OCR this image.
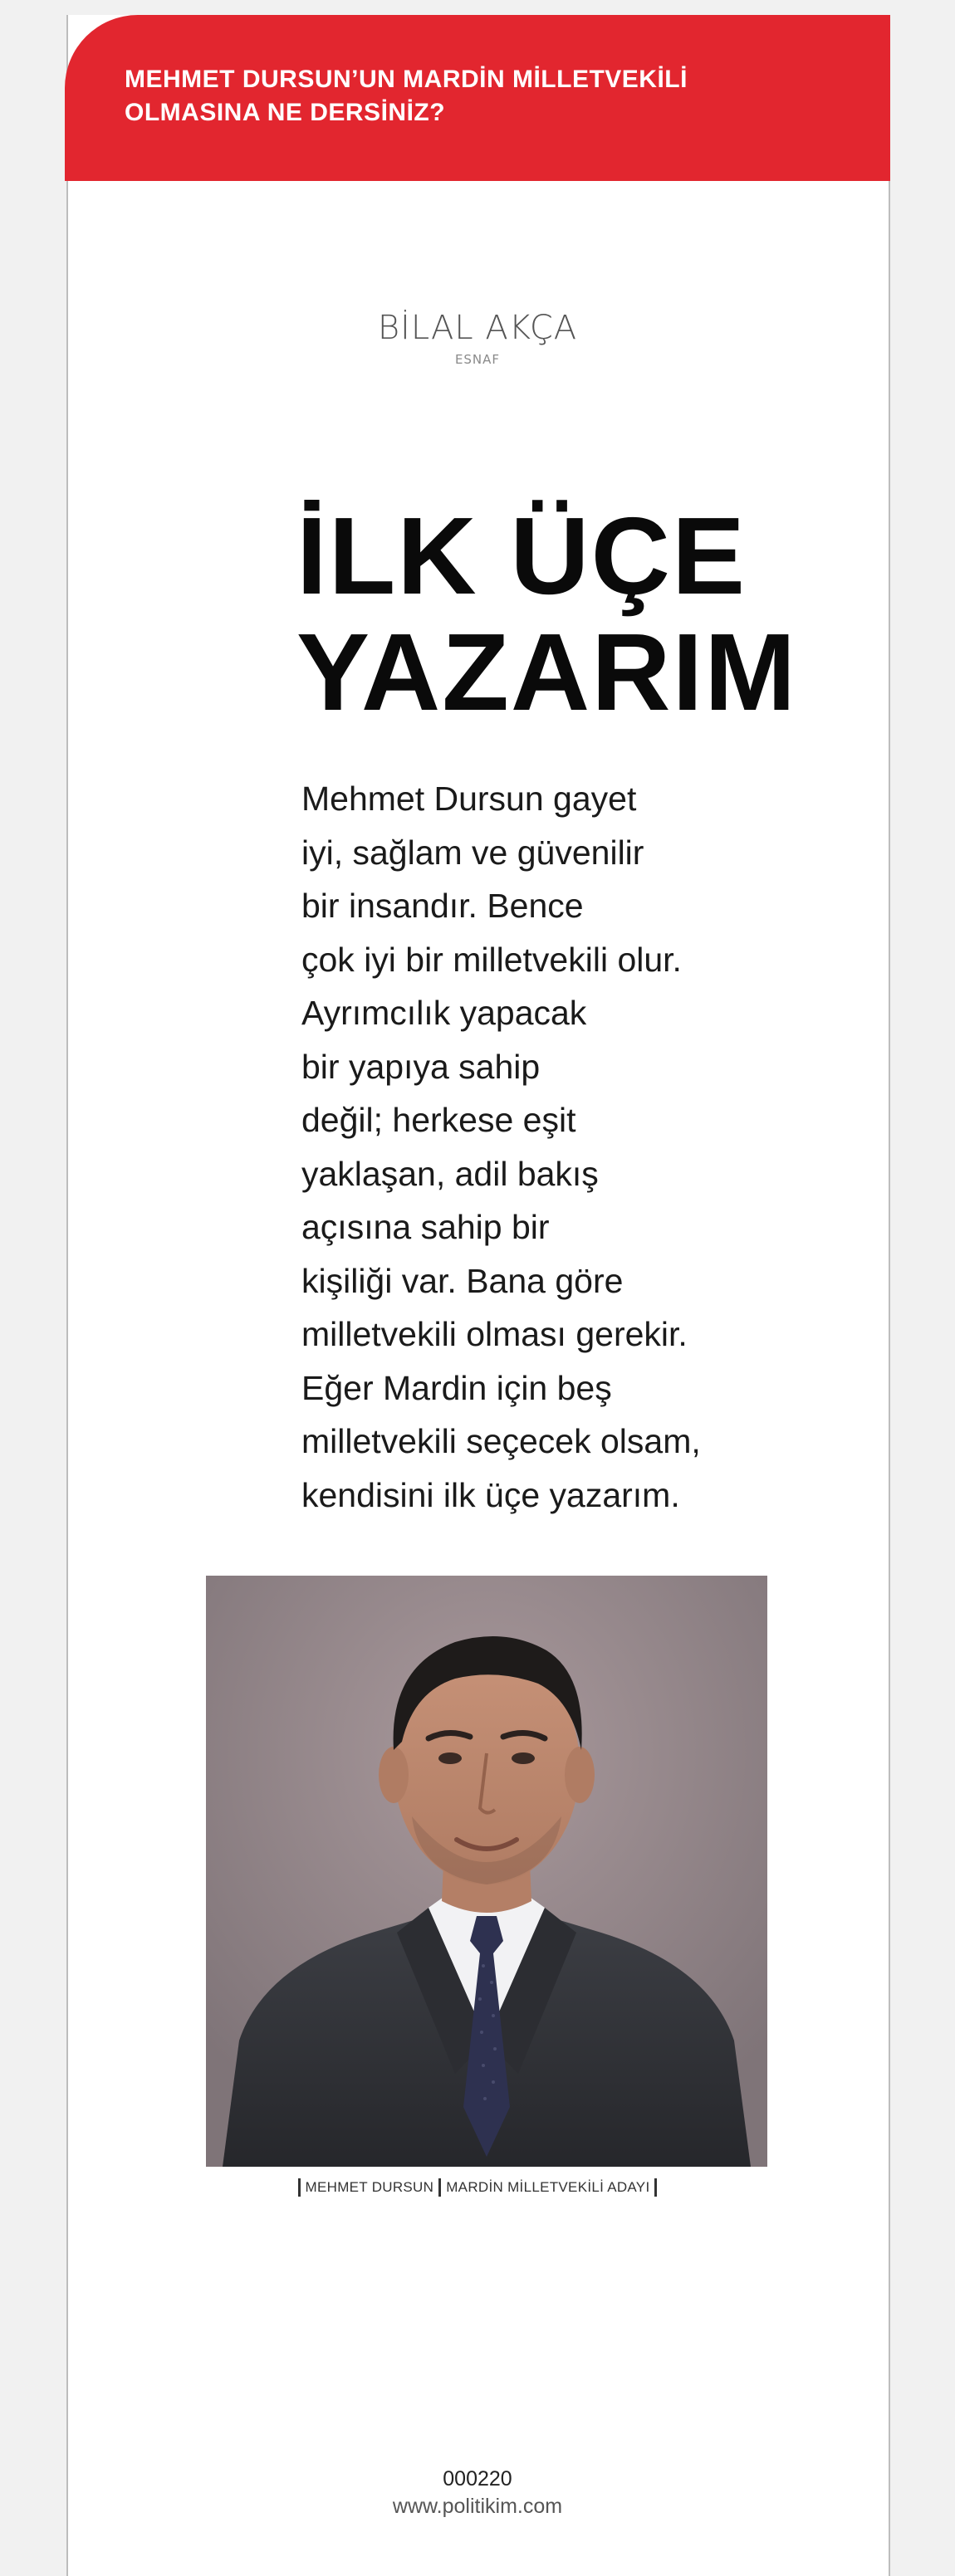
MEHMET DURSUN’UN MARDİN MİLLETVEKİLİ
OLMASINA NE DERSİNİZ?
BİLAL AKÇA
ESNAF
İLK ÜÇE
YAZARIM
Mehmet Dursun gayet
iyi, sağlam ve güvenilir
bir insandır. Bence
çok iyi bir milletvekili olur.
Ayrımcılık yapacak
bir yapıya sahip
değil; herkese eşit
yaklaşan, adil bakış
açısına sahip bir
kişiliği var. Bana göre
milletvekili olması gerekir.
Eğer Mardin için beş
milletvekili seçecek olsam,
kendisini ilk üçe yazarım.
MEHMET DURSUN MARDİN MİLLETVEKİLİ ADAYI
000220
www.politikim.com
